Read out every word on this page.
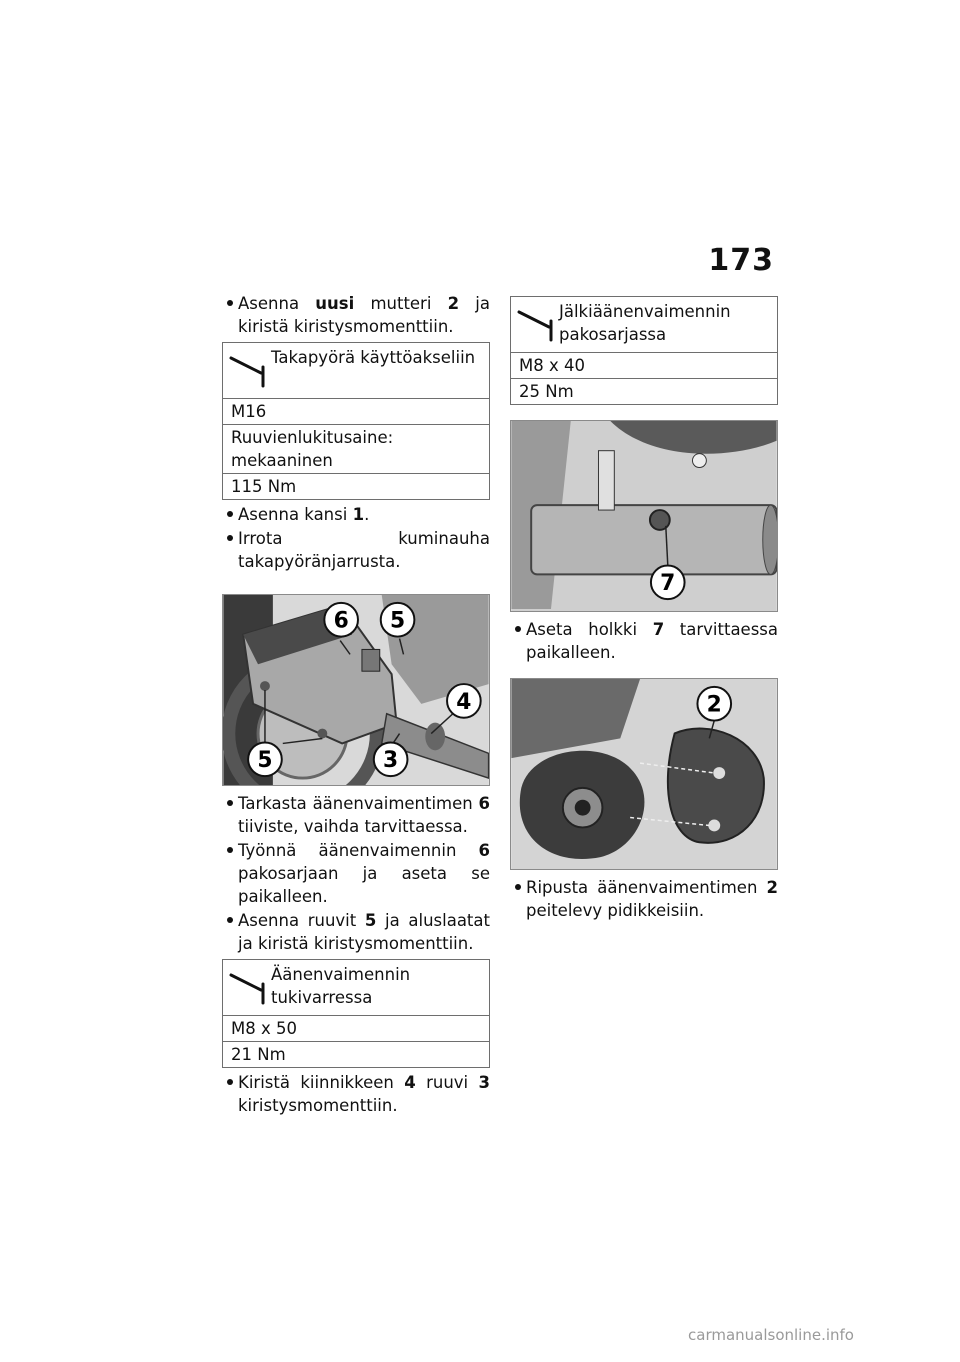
173
Asenna uusi mutteri 2 ja kiristä kiristysmomenttiin.
Takapyörä käyttöakseliin
M16
Ruuvienlukitusaine: mekaaninen
115 Nm
Asenna kansi 1.
Irrota kuminauha takapyöränjarrusta.
6 5
4
5	3
Tarkasta äänenvaimentimen 6 tiiviste, vaihda tarvittaessa.
Työnnä äänenvaimennin 6 pakosarjaan ja aseta se paikalleen.
Asenna ruuvit 5 ja aluslaatat ja kiristä kiristysmomenttiin.
Äänenvaimennin tukivarressa
M8 x 50
21 Nm
Kiristä kiinnikkeen 4 ruuvi 3 kiristysmomenttiin.
Jälkiäänenvaimennin pakosarjassa
M8 x 40
25 Nm
7
Aseta holkki 7 tarvittaessa paikalleen.
2
Ripusta äänenvaimentimen 2 peitelevy pidikkeisiin.
carmanualsonline.info
